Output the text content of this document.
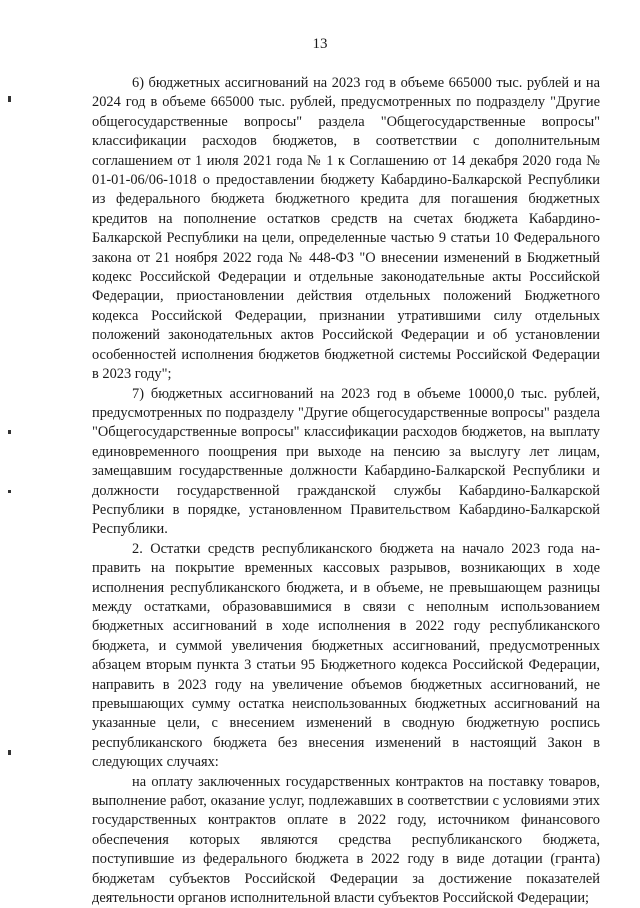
13

6) бюджетных ассигнований на 2023 год в объеме 665000 тыс. рублей и на 2024 год в объеме 665000 тыс. рублей, предусмотренных по подразделу "Другие общегосударственные вопросы" раздела "Общегосударственные вопросы" классификации расходов бюджетов, в соответствии с дополнительным соглашением от 1 июля 2021 года № 1 к Соглашению от 14 декабря 2020 года № 01-01-06/06-1018 о предоставлении бюджету Кабардино-Балкарской Республики из федерального бюджета бюджетного кредита для погашения бюджетных кредитов на пополнение остатков средств на счетах бюджета Кабардино-Балкарской Республики на цели, определенные частью 9 статьи 10 Федерального закона от 21 ноября 2022 года № 448-ФЗ "О внесении изменений в Бюджетный кодекс Российской Федерации и отдельные законодательные акты Российской Федерации, приостановлении действия отдельных положений Бюджетного кодекса Российской Федерации, признании утратившими силу отдельных положений законодательных актов Российской Федерации и об установлении особенностей исполнения бюджетов бюджетной системы Российской Федерации в 2023 году";

7) бюджетных ассигнований на 2023 год в объеме 10000,0 тыс. рублей, предусмотренных по подразделу "Другие общегосударственные вопросы" раздела "Общегосударственные вопросы" классификации расходов бюджетов, на выплату единовременного поощрения при выходе на пенсию за выслугу лет лицам, замещавшим государственные должности Кабардино-Балкарской Республики и должности государственной гражданской службы Кабардино-Балкарской Республики в порядке, установленном Правительством Кабардино-Балкарской Республики.

2. Остатки средств республиканского бюджета на начало 2023 года направить на покрытие временных кассовых разрывов, возникающих в ходе исполнения республиканского бюджета, и в объеме, не превышающем разницы между остатками, образовавшимися в связи с неполным использованием бюджетных ассигнований в ходе исполнения в 2022 году республиканского бюджета, и суммой увеличения бюджетных ассигнований, предусмотренных абзацем вторым пункта 3 статьи 95 Бюджетного кодекса Российской Федерации, направить в 2023 году на увеличение объемов бюджетных ассигнований, не превышающих сумму остатка неиспользованных бюджетных ассигнований на указанные цели, с внесением изменений в сводную бюджетную роспись республиканского бюджета без внесения изменений в настоящий Закон в следующих случаях:

на оплату заключенных государственных контрактов на поставку товаров, выполнение работ, оказание услуг, подлежавших в соответствии с условиями этих государственных контрактов оплате в 2022 году, источником финансового обеспечения которых являются средства республиканского бюджета, поступившие из федерального бюджета в 2022 году в виде дотации (гранта) бюджетам субъектов Российской Федерации за достижение показателей деятельности органов исполнительной власти субъектов Российской Федерации;
